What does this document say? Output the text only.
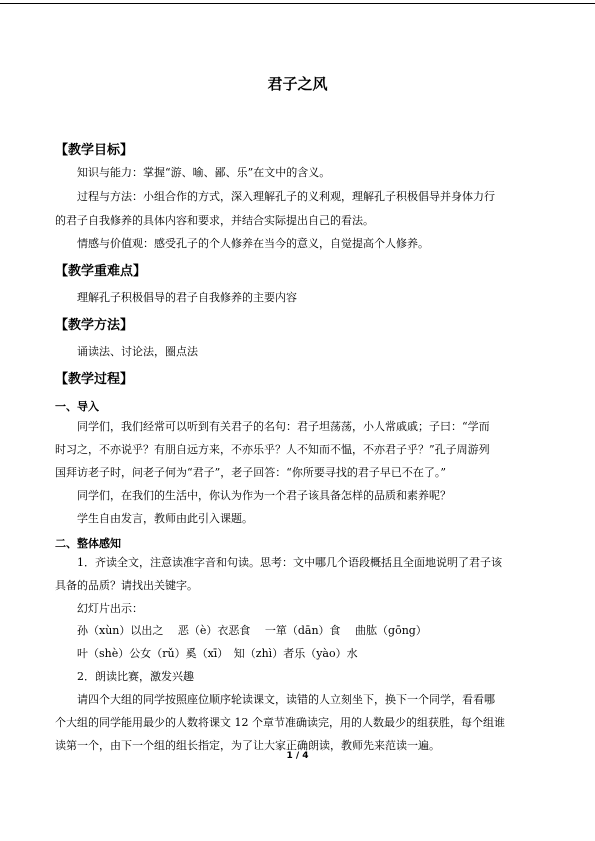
君子之风
【教学目标】
知识与能力：掌握“游、喻、鄙、乐”在文中的含义。
过程与方法：小组合作的方式，深入理解孔子的义利观，理解孔子积极倡导并身体力行
的君子自我修养的具体内容和要求，并结合实际提出自己的看法。
情感与价值观：感受孔子的个人修养在当今的意义，自觉提高个人修养。
【教学重难点】
理解孔子积极倡导的君子自我修养的主要内容
【教学方法】
诵读法、讨论法，圈点法
【教学过程】
一、导入
同学们，我们经常可以听到有关君子的名句：君子坦荡荡，小人常戚戚；子曰：“学而
时习之，不亦说乎？有朋自远方来，不亦乐乎？人不知而不愠，不亦君子乎？”孔子周游列
国拜访老子时，问老子何为“君子”，老子回答：“你所要寻找的君子早已不在了。”
同学们，在我们的生活中，你认为作为一个君子该具备怎样的品质和素养呢？
学生自由发言，教师由此引入课题。
二、整体感知
1．齐读全文，注意读准字音和句读。思考：文中哪几个语段概括且全面地说明了君子该
具备的品质？请找出关键字。
幻灯片出示：
孙（xùn）以出之　 恶（è）衣恶食　 一箪（dān）食　 曲肱（gōng）
叶（shè）公女（rǔ）奚（xī）　知（zhì）者乐（yào）水
2．朗读比赛，激发兴趣
请四个大组的同学按照座位顺序轮读课文，读错的人立刻坐下，换下一个同学，看看哪
个大组的同学能用最少的人数将课文 12 个章节准确读完，用的人数最少的组获胜，每个组谁
读第一个，由下一个组的组长指定，为了让大家正确朗读，教师先来范读一遍。
1 / 4
